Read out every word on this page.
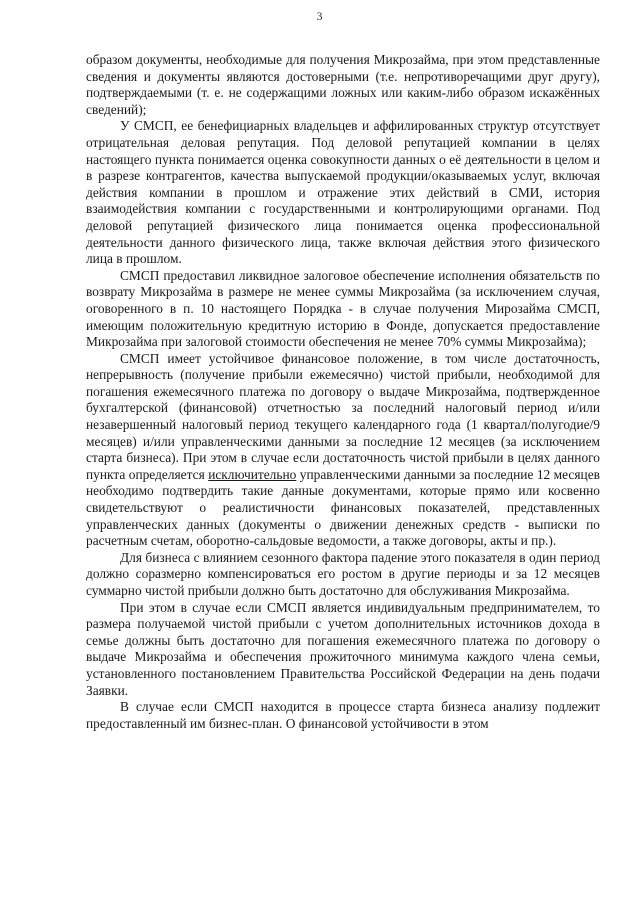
3

образом документы, необходимые для получения Микрозайма, при этом представленные сведения и документы являются достоверными (т.е. непротиворечащими друг другу), подтверждаемыми (т. е. не содержащими ложных или каким-либо образом искажённых сведений);

У СМСП, ее бенефициарных владельцев и аффилированных структур отсутствует отрицательная деловая репутация. Под деловой репутацией компании в целях настоящего пункта понимается оценка совокупности данных о её деятельности в целом и в разрезе контрагентов, качества выпускаемой продукции/оказываемых услуг, включая действия компании в прошлом и отражение этих действий в СМИ, история взаимодействия компании с государственными и контролирующими органами. Под деловой репутацией физического лица понимается оценка профессиональной деятельности данного физического лица, также включая действия этого физического лица в прошлом.

СМСП предоставил ликвидное залоговое обеспечение исполнения обязательств по возврату Микрозайма в размере не менее суммы Микрозайма (за исключением случая, оговоренного в п. 10 настоящего Порядка - в случае получения Мирозайма СМСП, имеющим положительную кредитную историю в Фонде, допускается предоставление Микрозайма при залоговой стоимости обеспечения не менее 70% суммы Микрозайма);

СМСП имеет устойчивое финансовое положение, в том числе достаточность, непрерывность (получение прибыли ежемесячно) чистой прибыли, необходимой для погашения ежемесячного платежа по договору о выдаче Микрозайма, подтвержденное бухгалтерской (финансовой) отчетностью за последний налоговый период и/или незавершенный налоговый период текущего календарного года (1 квартал/полугодие/9 месяцев) и/или управленческими данными за последние 12 месяцев (за исключением старта бизнеса). При этом в случае если достаточность чистой прибыли в целях данного пункта определяется исключительно управленческими данными за последние 12 месяцев необходимо подтвердить такие данные документами, которые прямо или косвенно свидетельствуют о реалистичности финансовых показателей, представленных управленческих данных (документы о движении денежных средств - выписки по расчетным счетам, оборотно-сальдовые ведомости, а также договоры, акты и пр.).

Для бизнеса с влиянием сезонного фактора падение этого показателя в один период должно соразмерно компенсироваться его ростом в другие периоды и за 12 месяцев суммарно чистой прибыли должно быть достаточно для обслуживания Микрозайма.

При этом в случае если СМСП является индивидуальным предпринимателем, то размера получаемой чистой прибыли с учетом дополнительных источников дохода в семье должны быть достаточно для погашения ежемесячного платежа по договору о выдаче Микрозайма и обеспечения прожиточного минимума каждого члена семьи, установленного постановлением Правительства Российской Федерации на день подачи Заявки.

В случае если СМСП находится в процессе старта бизнеса анализу подлежит предоставленный им бизнес-план. О финансовой устойчивости в этом
